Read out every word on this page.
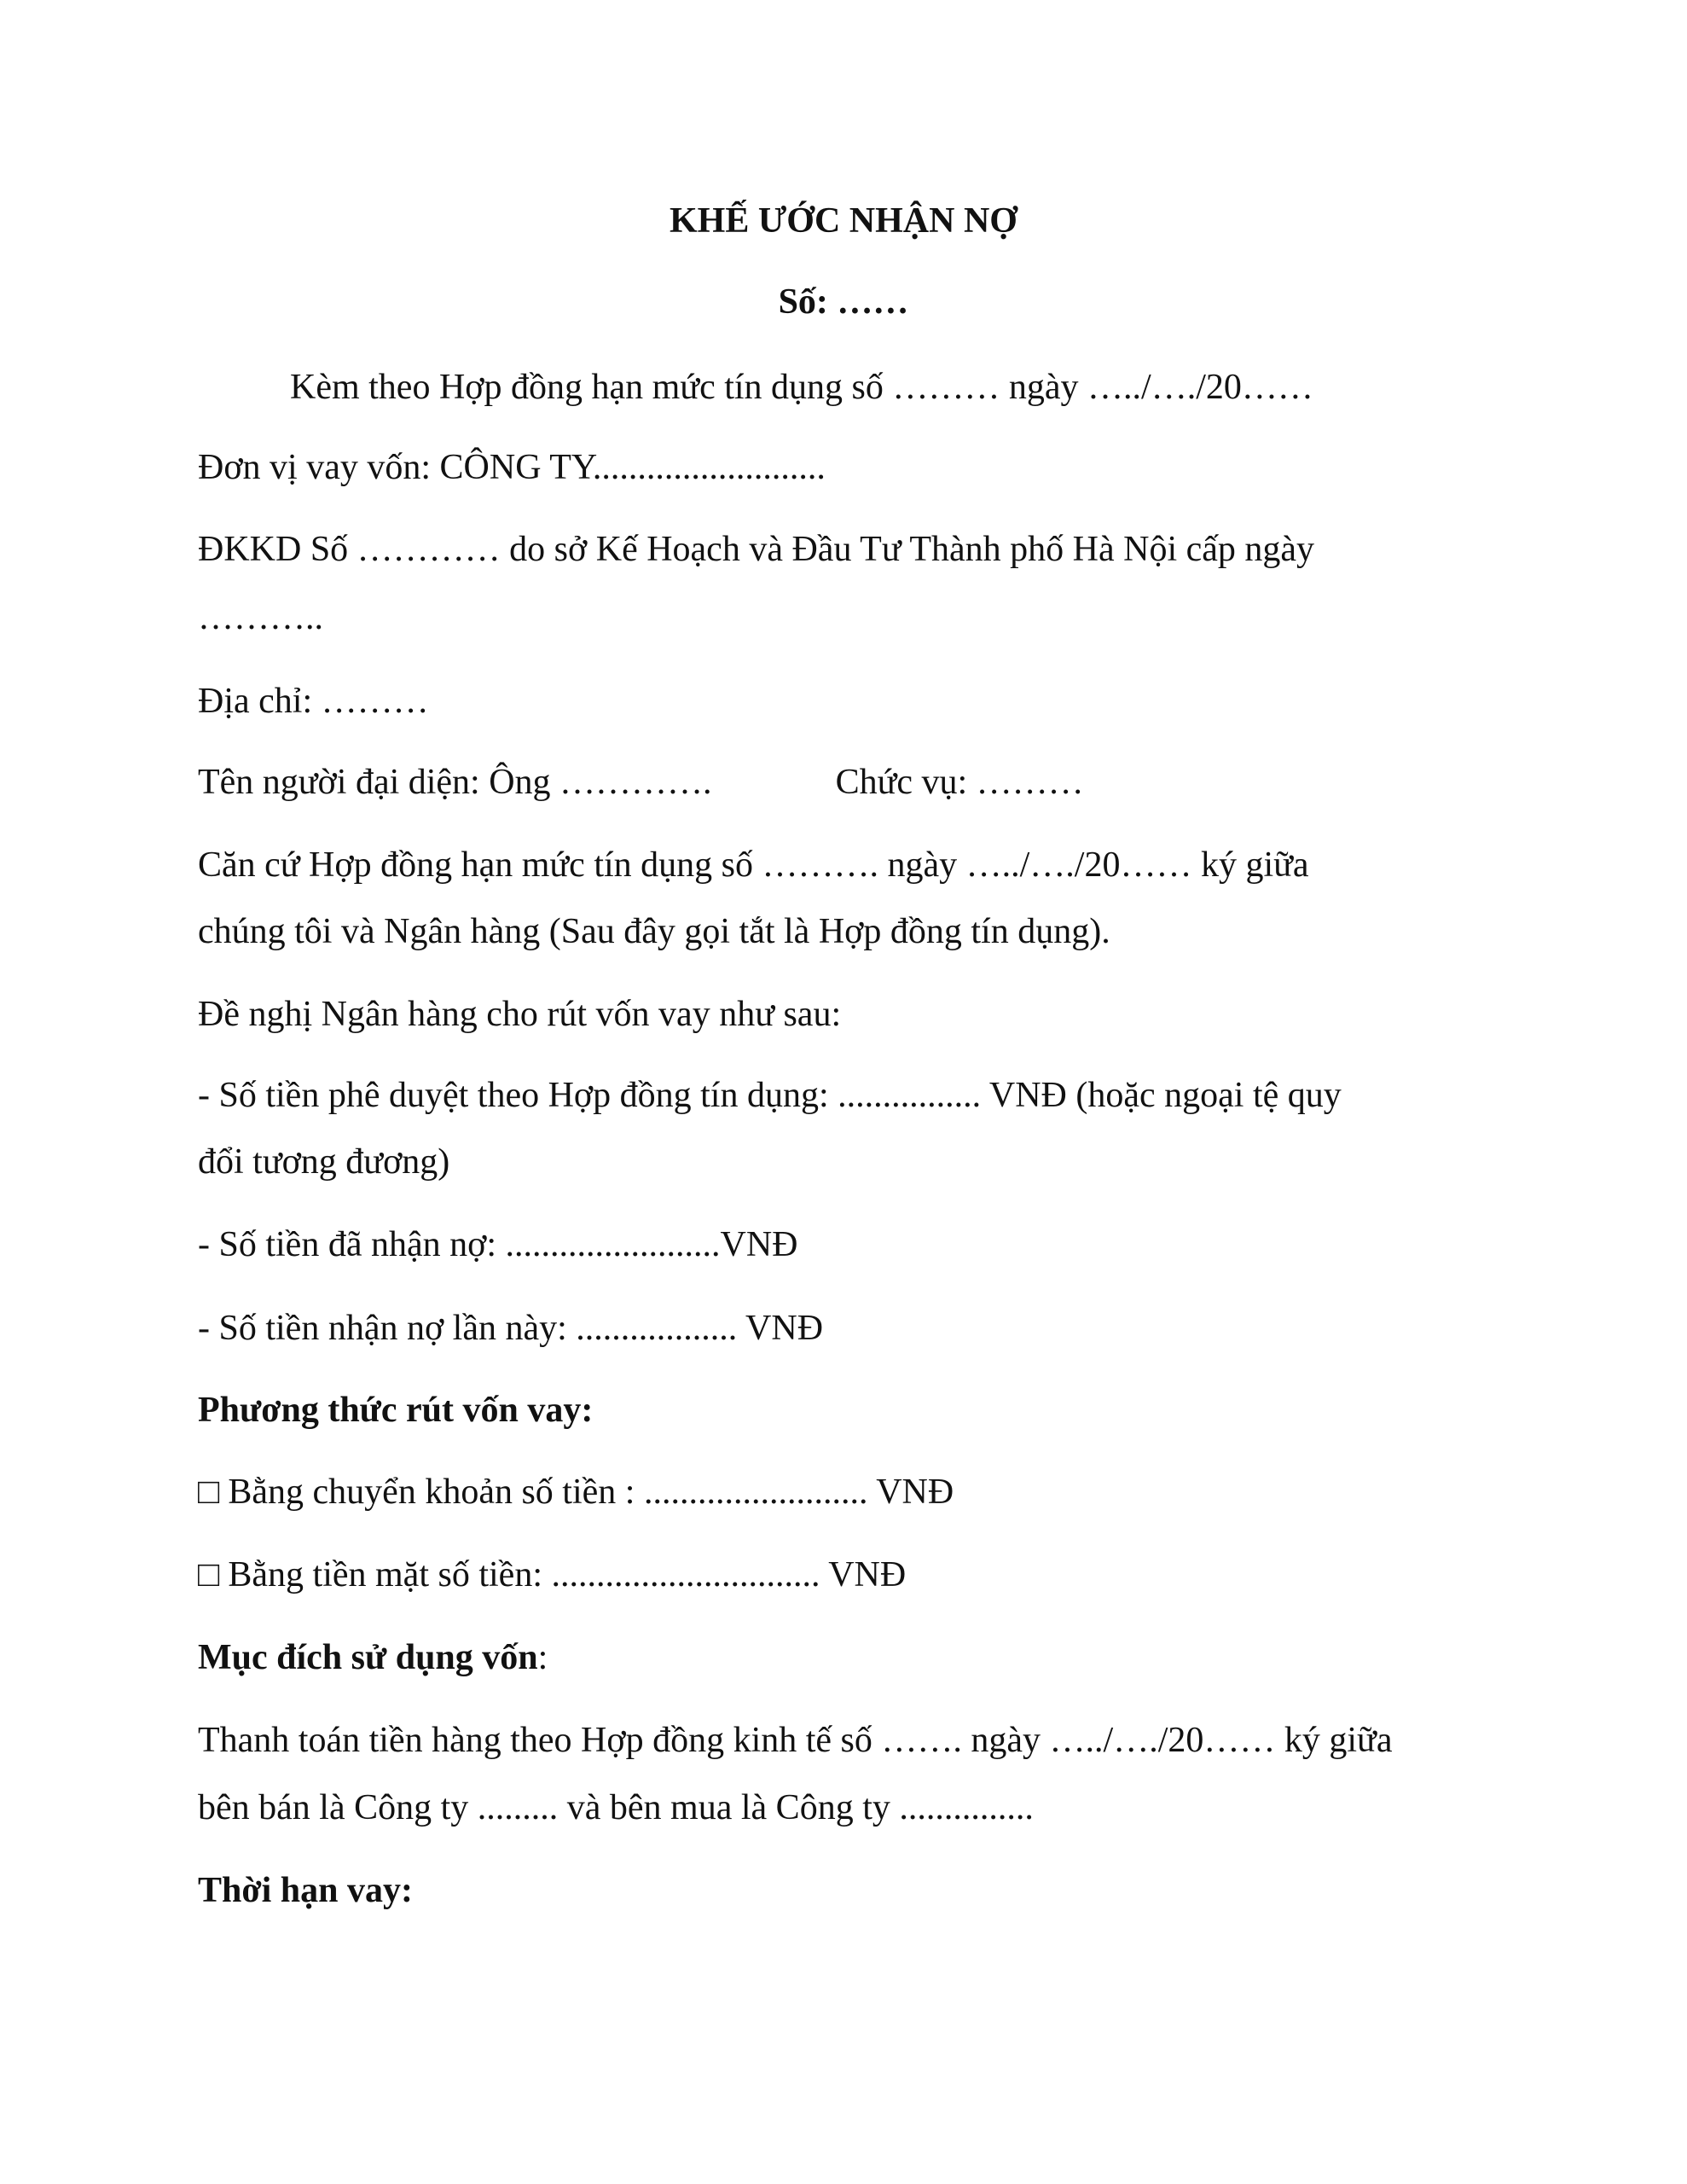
KHẾ ƯỚC NHẬN NỢ
Số: ……
Kèm theo Hợp đồng hạn mức tín dụng số ……… ngày …../…./20……
Đơn vị vay vốn: CÔNG TY..........................
ĐKKD Số ………… do sở Kế Hoạch và Đầu Tư Thành phố Hà Nội cấp ngày
………..
Địa chỉ: ………
Tên người đại diện: Ông ………….	Chức vụ: ………
Căn cứ Hợp đồng hạn mức tín dụng số ………. ngày …../…./20…… ký giữa
chúng tôi và Ngân hàng (Sau đây gọi tắt là Hợp đồng tín dụng).
Đề nghị Ngân hàng cho rút vốn vay như sau:
- Số tiền phê duyệt theo Hợp đồng tín dụng: ................ VNĐ (hoặc ngoại tệ quy
đổi tương đương)
- Số tiền đã nhận nợ: ........................VNĐ
- Số tiền nhận nợ lần này: .................. VNĐ
Phương thức rút vốn vay:
□ Bằng chuyển khoản số tiền : ......................... VNĐ
□ Bằng tiền mặt số tiền: .............................. VNĐ
Mục đích sử dụng vốn:
Thanh toán tiền hàng theo Hợp đồng kinh tế số ……. ngày …../…./20…… ký giữa
bên bán là Công ty ......... và bên mua là Công ty ...............
Thời hạn vay:
